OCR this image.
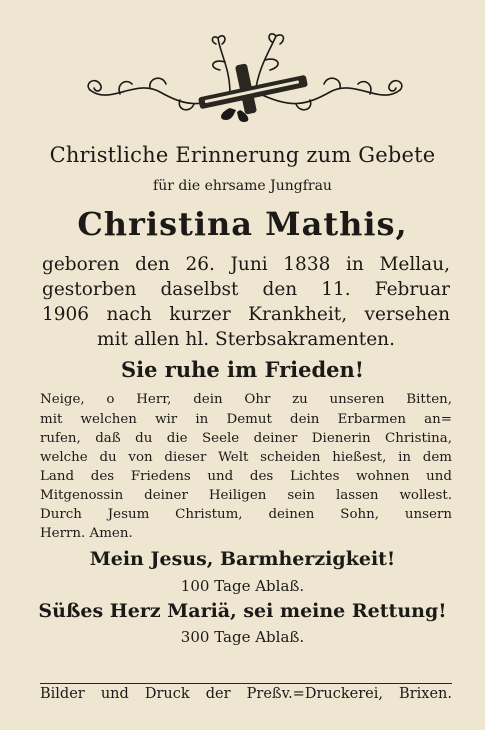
Christliche Erinnerung zum Gebete
für die ehrsame Jungfrau
Christina Mathis,
geboren den 26. Juni 1838 in Mellau,
gestorben daselbst den 11. Februar
1906 nach kurzer Krankheit, versehen
mit allen hl. Sterbsakramenten.
Sie ruhe im Frieden!
Neige, o Herr, dein Ohr zu unseren Bitten,
mit welchen wir in Demut dein Erbarmen an=
rufen, daß du die Seele deiner Dienerin Christina,
welche du von dieser Welt scheiden hießest, in dem
Land des Friedens und des Lichtes wohnen und
Mitgenossin deiner Heiligen sein lassen wollest.
Durch Jesum Christum, deinen Sohn, unsern
Herrn. Amen.
Mein Jesus, Barmherzigkeit!
100 Tage Ablaß.
Süßes Herz Mariä, sei meine Rettung!
300 Tage Ablaß.
Bilder und Druck der Preßv.=Druckerei, Brixen.
